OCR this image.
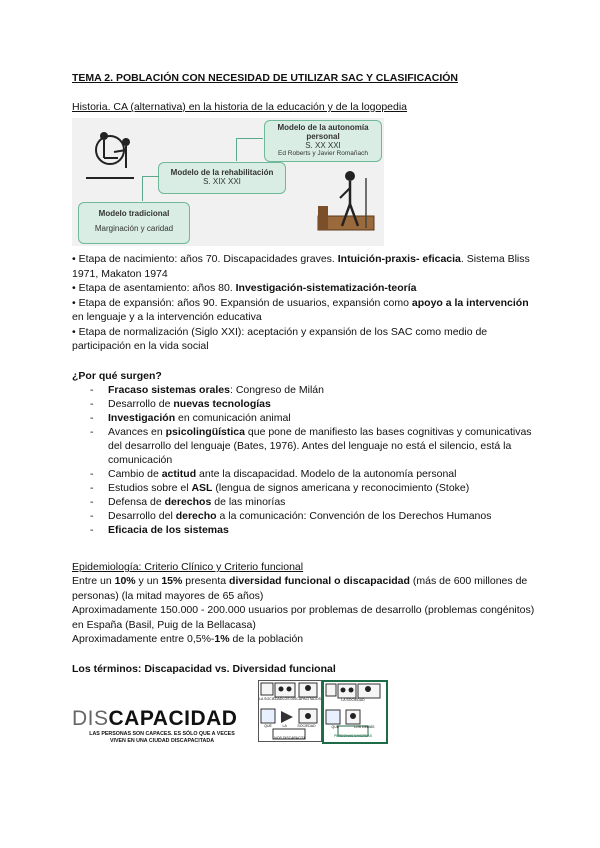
TEMA 2. POBLACIÓN CON NECESIDAD DE UTILIZAR SAC Y CLASIFICACIÓN
Historia. CA (alternativa) en la historia de la educación y de la logopedia
Modelo tradicional
Marginación y caridad
Modelo de la rehabilitación
S. XIX XXI
Modelo de la autonomía personal
S. XX XXI
Ed Roberts y Javier Romañach
• Etapa de nacimiento: años 70. Discapacidades graves. Intuición-praxis- eficacia. Sistema Bliss 1971, Makaton 1974
• Etapa de asentamiento: años 80. Investigación-sistematización-teoría
• Etapa de expansión: años 90. Expansión de usuarios, expansión como apoyo a la intervención en lenguaje y a la intervención educativa
• Etapa de normalización (Siglo XXI): aceptación y expansión de los SAC como medio de participación en la vida social
¿Por qué surgen?
- Fracaso sistemas orales: Congreso de Milán
- Desarrollo de nuevas tecnologías
- Investigación en comunicación animal
- Avances en psicolingüística que pone de manifiesto las bases cognitivas y comunicativas del desarrollo del lenguaje (Bates, 1976). Antes del lenguaje no está el silencio, está la comunicación
- Cambio de actitud ante la discapacidad. Modelo de la autonomía personal
- Estudios sobre el ASL (lengua de signos americana y reconocimiento (Stoke)
- Defensa de derechos de las minorías
- Desarrollo del derecho a la comunicación: Convención de los Derechos Humanos
- Eficacia de los sistemas
Epidemiología: Criterio Clínico y Criterio funcional
Entre un 10% y un 15% presenta diversidad funcional o discapacidad (más de 600 millones de personas) (la mitad mayores de 65 años)
Aproximadamente 150.000 - 200.000 usuarios por problemas de desarrollo (problemas congénitos) en España (Basil, Puig de la Bellacasa)
Aproximadamente entre 0,5%-1% de la población
Los términos: Discapacidad vs. Diversidad funcional
DISCAPACIDAD
LAS PERSONAS SON CAPACES. ES SÓLO QUE A VECES
VIVEN EN UNA CIUDAD DISCAPACITADA
LA SOCIEDAD LOS DISCAPACITADOS
QUE	LA	SOCIEDAD
NOS DISCAPACITA
LA SOCIEDAD
QUE	LOS DEMÁS
PERSONAS DIVERSAS
